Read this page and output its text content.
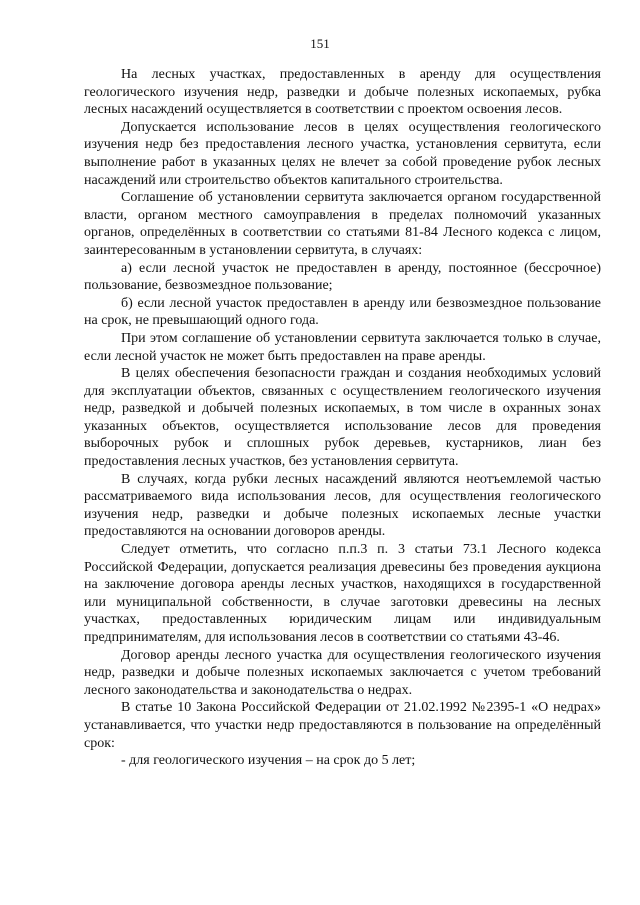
151

На лесных участках, предоставленных в аренду для осуществления геологического изучения недр, разведки и добыче полезных ископаемых, рубка лесных насаждений осуществляется в соответствии с проектом освоения лесов.

Допускается использование лесов в целях осуществления геологического изучения недр без предоставления лесного участка, установления сервитута, если выполнение работ в указанных целях не влечет за собой проведение рубок лесных насаждений или строительство объектов капитального строительства.

Соглашение об установлении сервитута заключается органом государственной власти, органом местного самоуправления в пределах полномочий указанных органов, определённых в соответствии со статьями 81-84 Лесного кодекса с лицом, заинтересованным в установлении сервитута, в случаях:

а) если лесной участок не предоставлен в аренду, постоянное (бессрочное) пользование, безвозмездное пользование;

б) если лесной участок предоставлен в аренду или безвозмездное пользование на срок, не превышающий одного года.

При этом соглашение об установлении сервитута заключается только в случае, если лесной участок не может быть предоставлен на праве аренды.

В целях обеспечения безопасности граждан и создания необходимых условий для эксплуатации объектов, связанных с осуществлением геологического изучения недр, разведкой и добычей полезных ископаемых, в том числе в охранных зонах указанных объектов, осуществляется использование лесов для проведения выборочных рубок и сплошных рубок деревьев, кустарников, лиан без предоставления лесных участков, без установления сервитута.

В случаях, когда рубки лесных насаждений являются неотъемлемой частью рассматриваемого вида использования лесов, для осуществления геологического изучения недр, разведки и добыче полезных ископаемых лесные участки предоставляются на основании договоров аренды.

Следует отметить, что согласно п.п.3 п. 3 статьи 73.1 Лесного кодекса Российской Федерации, допускается реализация древесины без проведения аукциона на заключение договора аренды лесных участков, находящихся в государственной или муниципальной собственности, в случае заготовки древесины на лесных участках, предоставленных юридическим лицам или индивидуальным предпринимателям, для использования лесов в соответствии со статьями 43-46.

Договор аренды лесного участка для осуществления геологического изучения недр, разведки и добыче полезных ископаемых заключается с учетом требований лесного законодательства и законодательства о недрах.

В статье 10 Закона Российской Федерации от 21.02.1992 №2395-1 «О недрах» устанавливается, что участки недр предоставляются в пользование на определённый срок:

- для геологического изучения – на срок до 5 лет;
